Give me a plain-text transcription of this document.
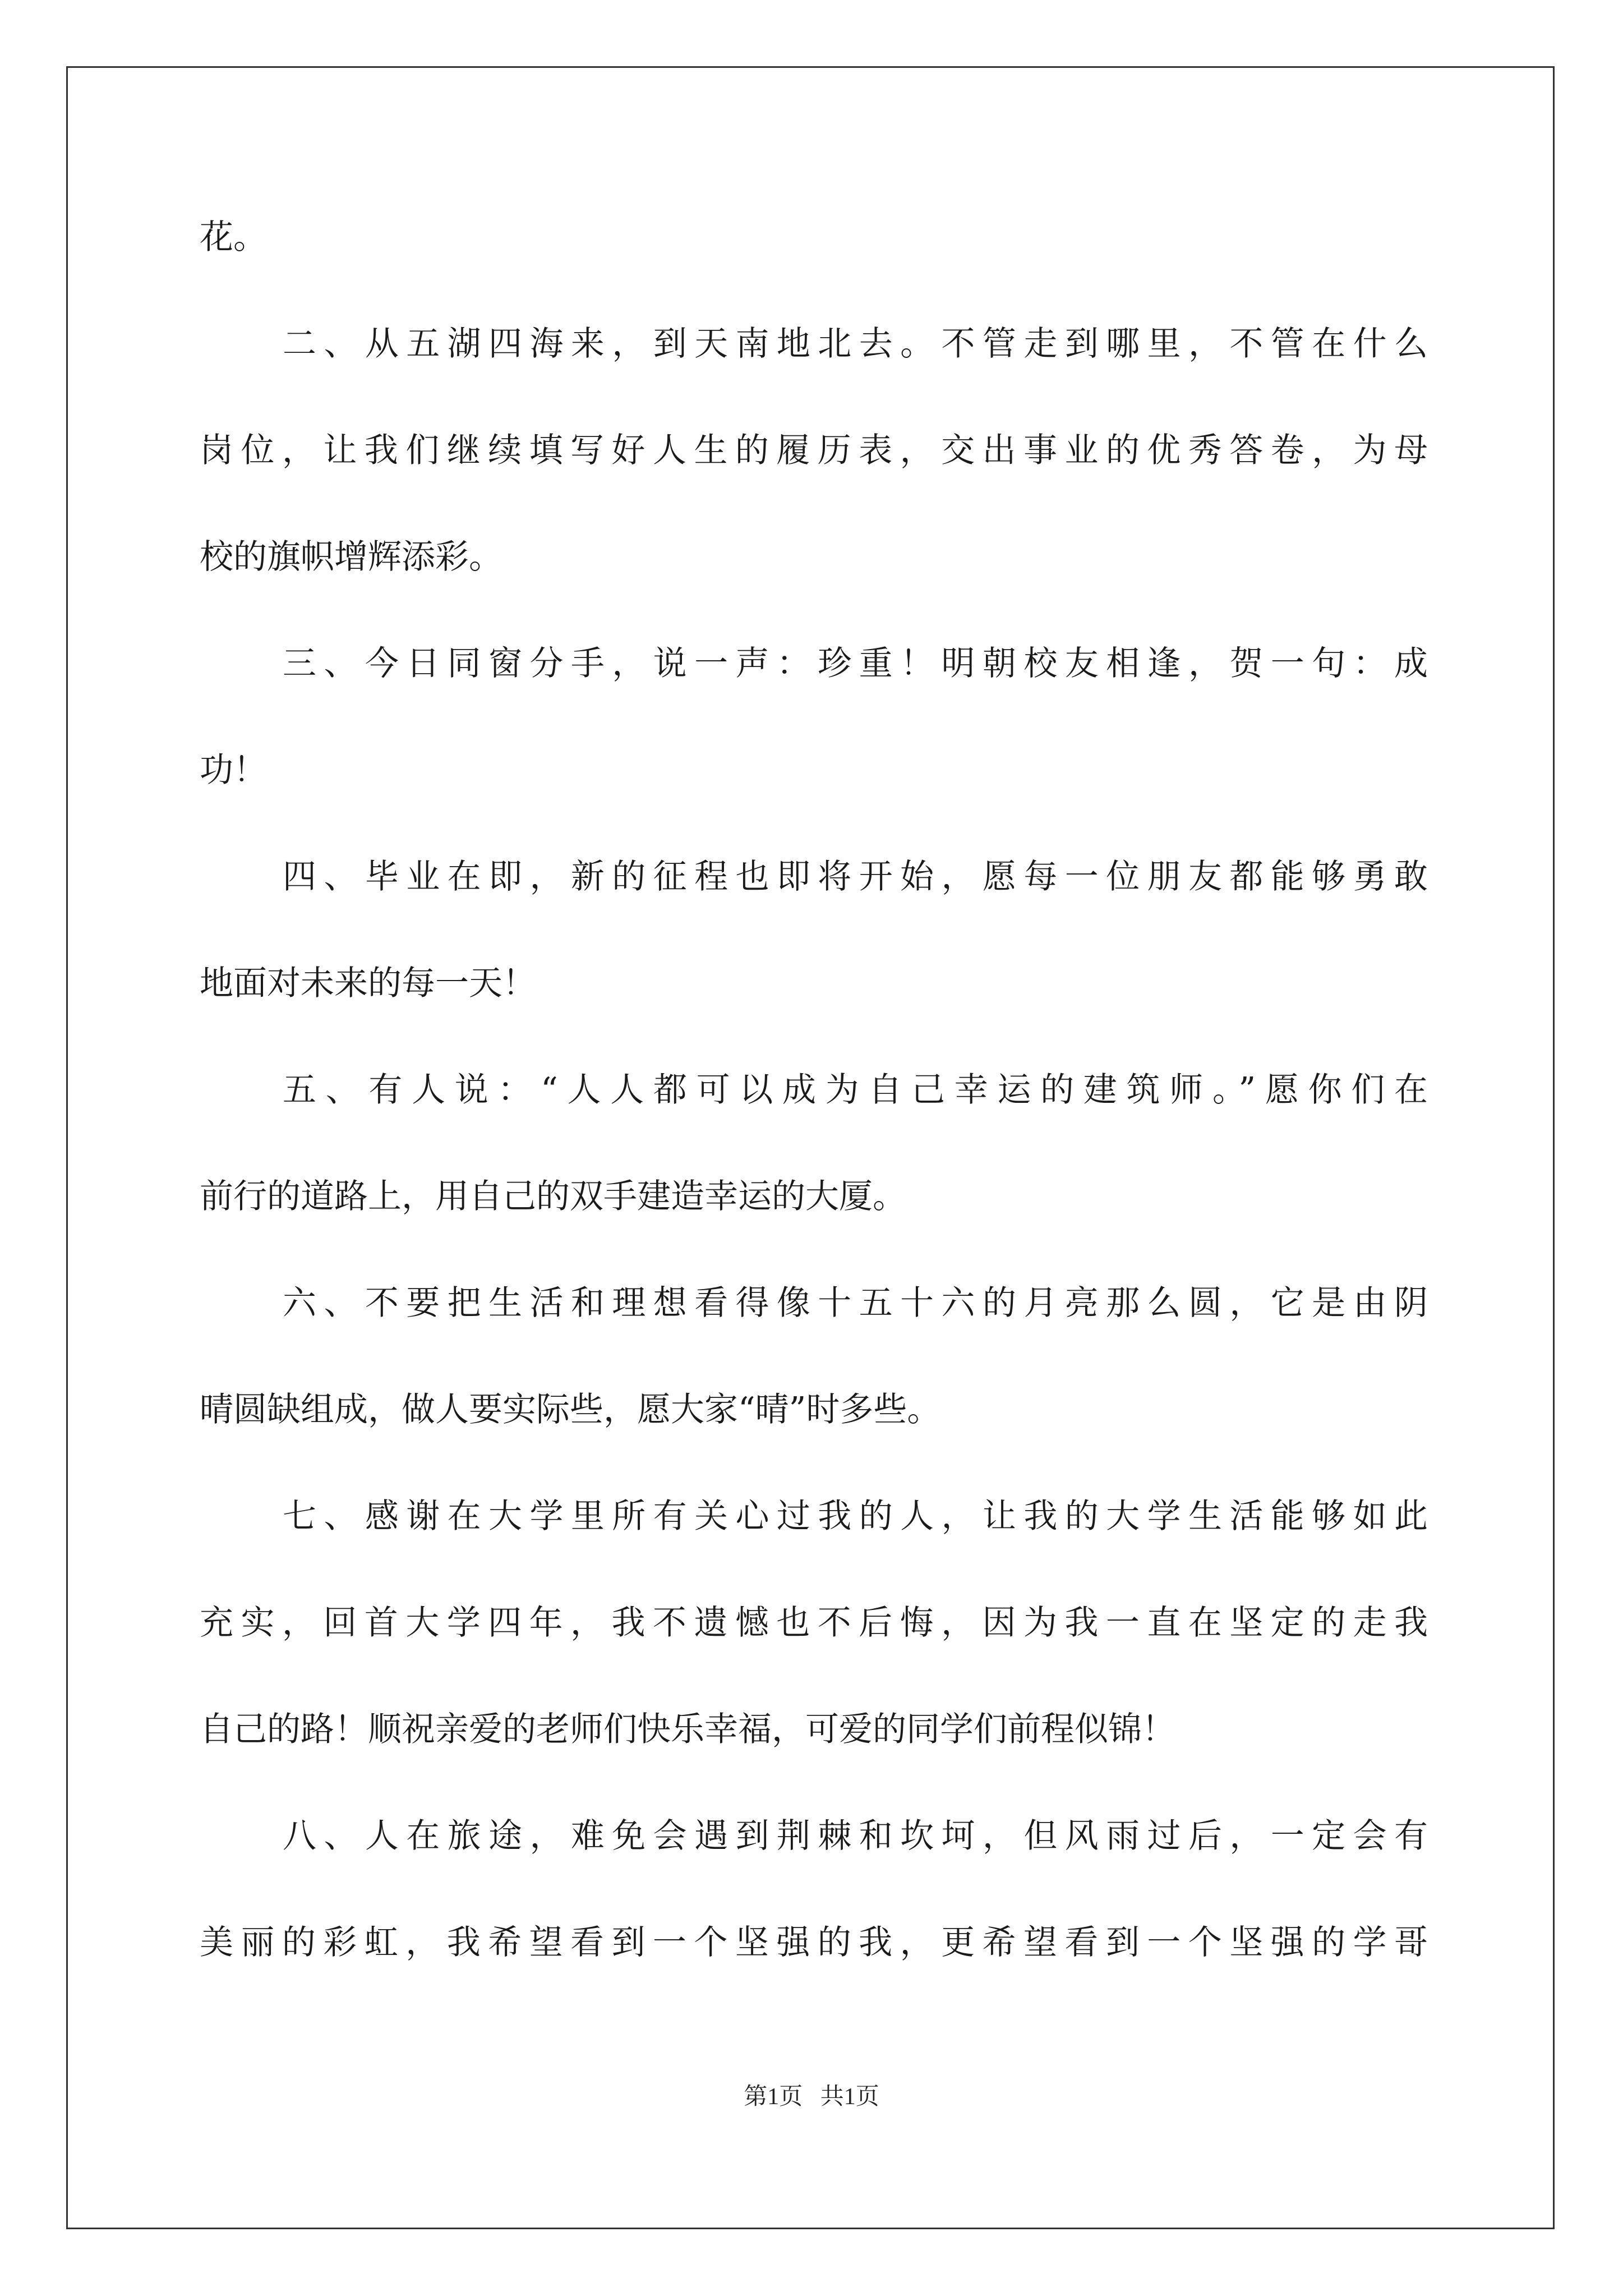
花。

二、从五湖四海来，到天南地北去。不管走到哪里，不管在什么

岗位，让我们继续填写好人生的履历表，交出事业的优秀答卷，为母

校的旗帜增辉添彩。

三、今日同窗分手，说一声：珍重！明朝校友相逢，贺一句：成

功！

四、毕业在即，新的征程也即将开始，愿每一位朋友都能够勇敢

地面对未来的每一天！

五、有人说：“人人都可以成为自己幸运的建筑师。”愿你们在

前行的道路上，用自己的双手建造幸运的大厦。

六、不要把生活和理想看得像十五十六的月亮那么圆，它是由阴

晴圆缺组成，做人要实际些，愿大家“晴”时多些。

七、感谢在大学里所有关心过我的人，让我的大学生活能够如此

充实，回首大学四年，我不遗憾也不后悔，因为我一直在坚定的走我

自己的路！顺祝亲爱的老师们快乐幸福，可爱的同学们前程似锦！

八、人在旅途，难免会遇到荆棘和坎坷，但风雨过后，一定会有

美丽的彩虹，我希望看到一个坚强的我，更希望看到一个坚强的学哥

第1页   共1页
